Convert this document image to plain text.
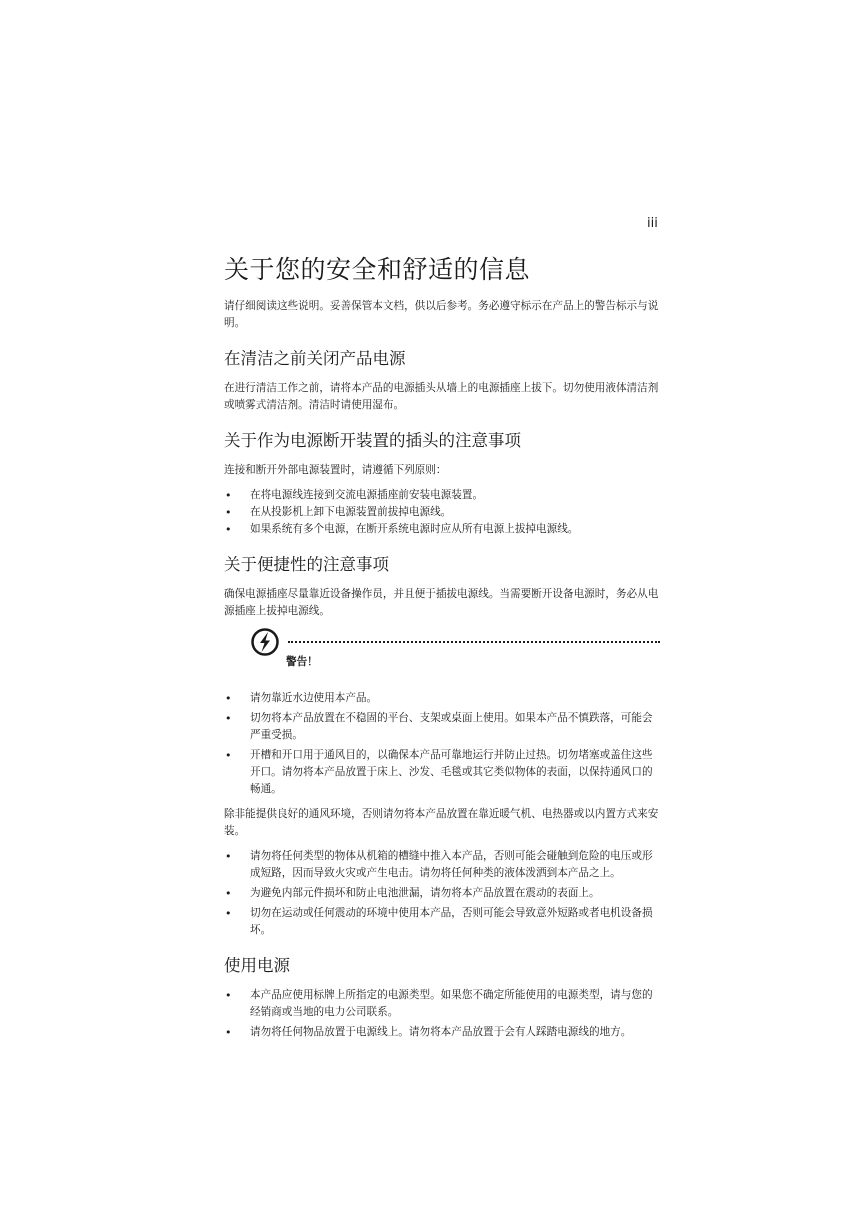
iii
关于您的安全和舒适的信息

请仔细阅读这些说明。妥善保管本文档，供以后参考。务必遵守标示在产品上的警告标示与说明。

在清洁之前关闭产品电源

在进行清洁工作之前，请将本产品的电源插头从墙上的电源插座上拔下。切勿使用液体清洁剂或喷雾式清洁剂。清洁时请使用湿布。

关于作为电源断开装置的插头的注意事项

连接和断开外部电源装置时，请遵循下列原则：

• 在将电源线连接到交流电源插座前安装电源装置。
• 在从投影机上卸下电源装置前拔掉电源线。
• 如果系统有多个电源，在断开系统电源时应从所有电源上拔掉电源线。
关于便捷性的注意事项

确保电源插座尽量靠近设备操作员，并且便于插拔电源线。当需要断开设备电源时，务必从电源插座上拔掉电源线。

警告！
• 请勿靠近水边使用本产品。
• 切勿将本产品放置在不稳固的平台、支架或桌面上使用。如果本产品不慎跌落，可能会严重受损。
• 开槽和开口用于通风目的，以确保本产品可靠地运行并防止过热。切勿堵塞或盖住这些开口。请勿将本产品放置于床上、沙发、毛毯或其它类似物体的表面，以保持通风口的畅通。

除非能提供良好的通风环境，否则请勿将本产品放置在靠近暖气机、电热器或以内置方式来安装。

• 请勿将任何类型的物体从机箱的槽缝中推入本产品，否则可能会碰触到危险的电压或形成短路，因而导致火灾或产生电击。请勿将任何种类的液体泼洒到本产品之上。
• 为避免内部元件损坏和防止电池泄漏，请勿将本产品放置在震动的表面上。
• 切勿在运动或任何震动的环境中使用本产品，否则可能会导致意外短路或者电机设备损坏。
使用电源
• 本产品应使用标牌上所指定的电源类型。如果您不确定所能使用的电源类型，请与您的经销商或当地的电力公司联系。
• 请勿将任何物品放置于电源线上。请勿将本产品放置于会有人踩踏电源线的地方。
